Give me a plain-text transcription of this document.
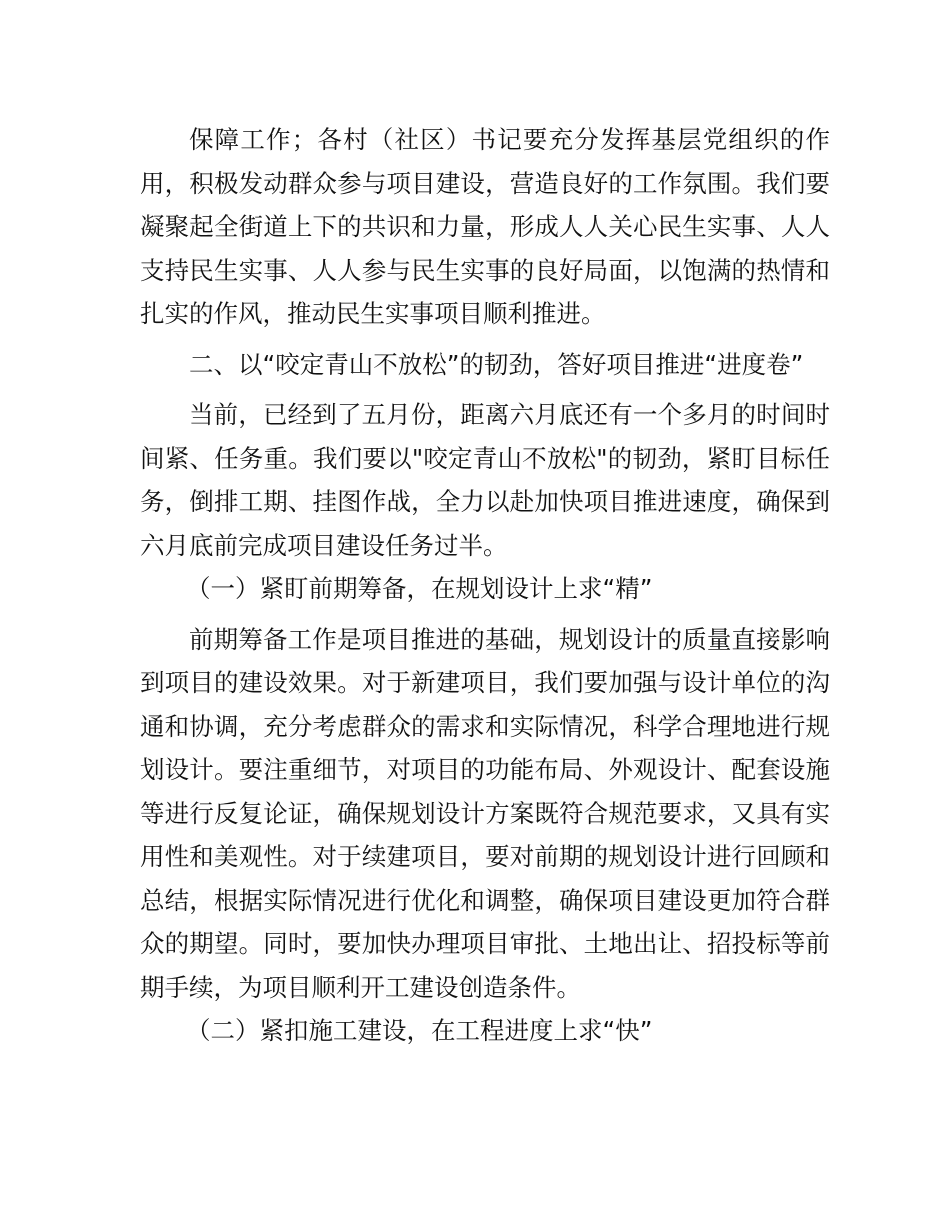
保障工作；各村（社区）书记要充分发挥基层党组织的作用，积极发动群众参与项目建设，营造良好的工作氛围。我们要凝聚起全街道上下的共识和力量，形成人人关心民生实事、人人支持民生实事、人人参与民生实事的良好局面，以饱满的热情和扎实的作风，推动民生实事项目顺利推进。

二、以“咬定青山不放松”的韧劲，答好项目推进“进度卷”

当前，已经到了五月份，距离六月底还有一个多月的时间时间紧、任务重。我们要以"咬定青山不放松"的韧劲，紧盯目标任务，倒排工期、挂图作战，全力以赴加快项目推进速度，确保到六月底前完成项目建设任务过半。

（一）紧盯前期筹备，在规划设计上求“精”

前期筹备工作是项目推进的基础，规划设计的质量直接影响到项目的建设效果。对于新建项目，我们要加强与设计单位的沟通和协调，充分考虑群众的需求和实际情况，科学合理地进行规划设计。要注重细节，对项目的功能布局、外观设计、配套设施等进行反复论证，确保规划设计方案既符合规范要求，又具有实用性和美观性。对于续建项目，要对前期的规划设计进行回顾和总结，根据实际情况进行优化和调整，确保项目建设更加符合群众的期望。同时，要加快办理项目审批、土地出让、招投标等前期手续，为项目顺利开工建设创造条件。

（二）紧扣施工建设，在工程进度上求“快”
